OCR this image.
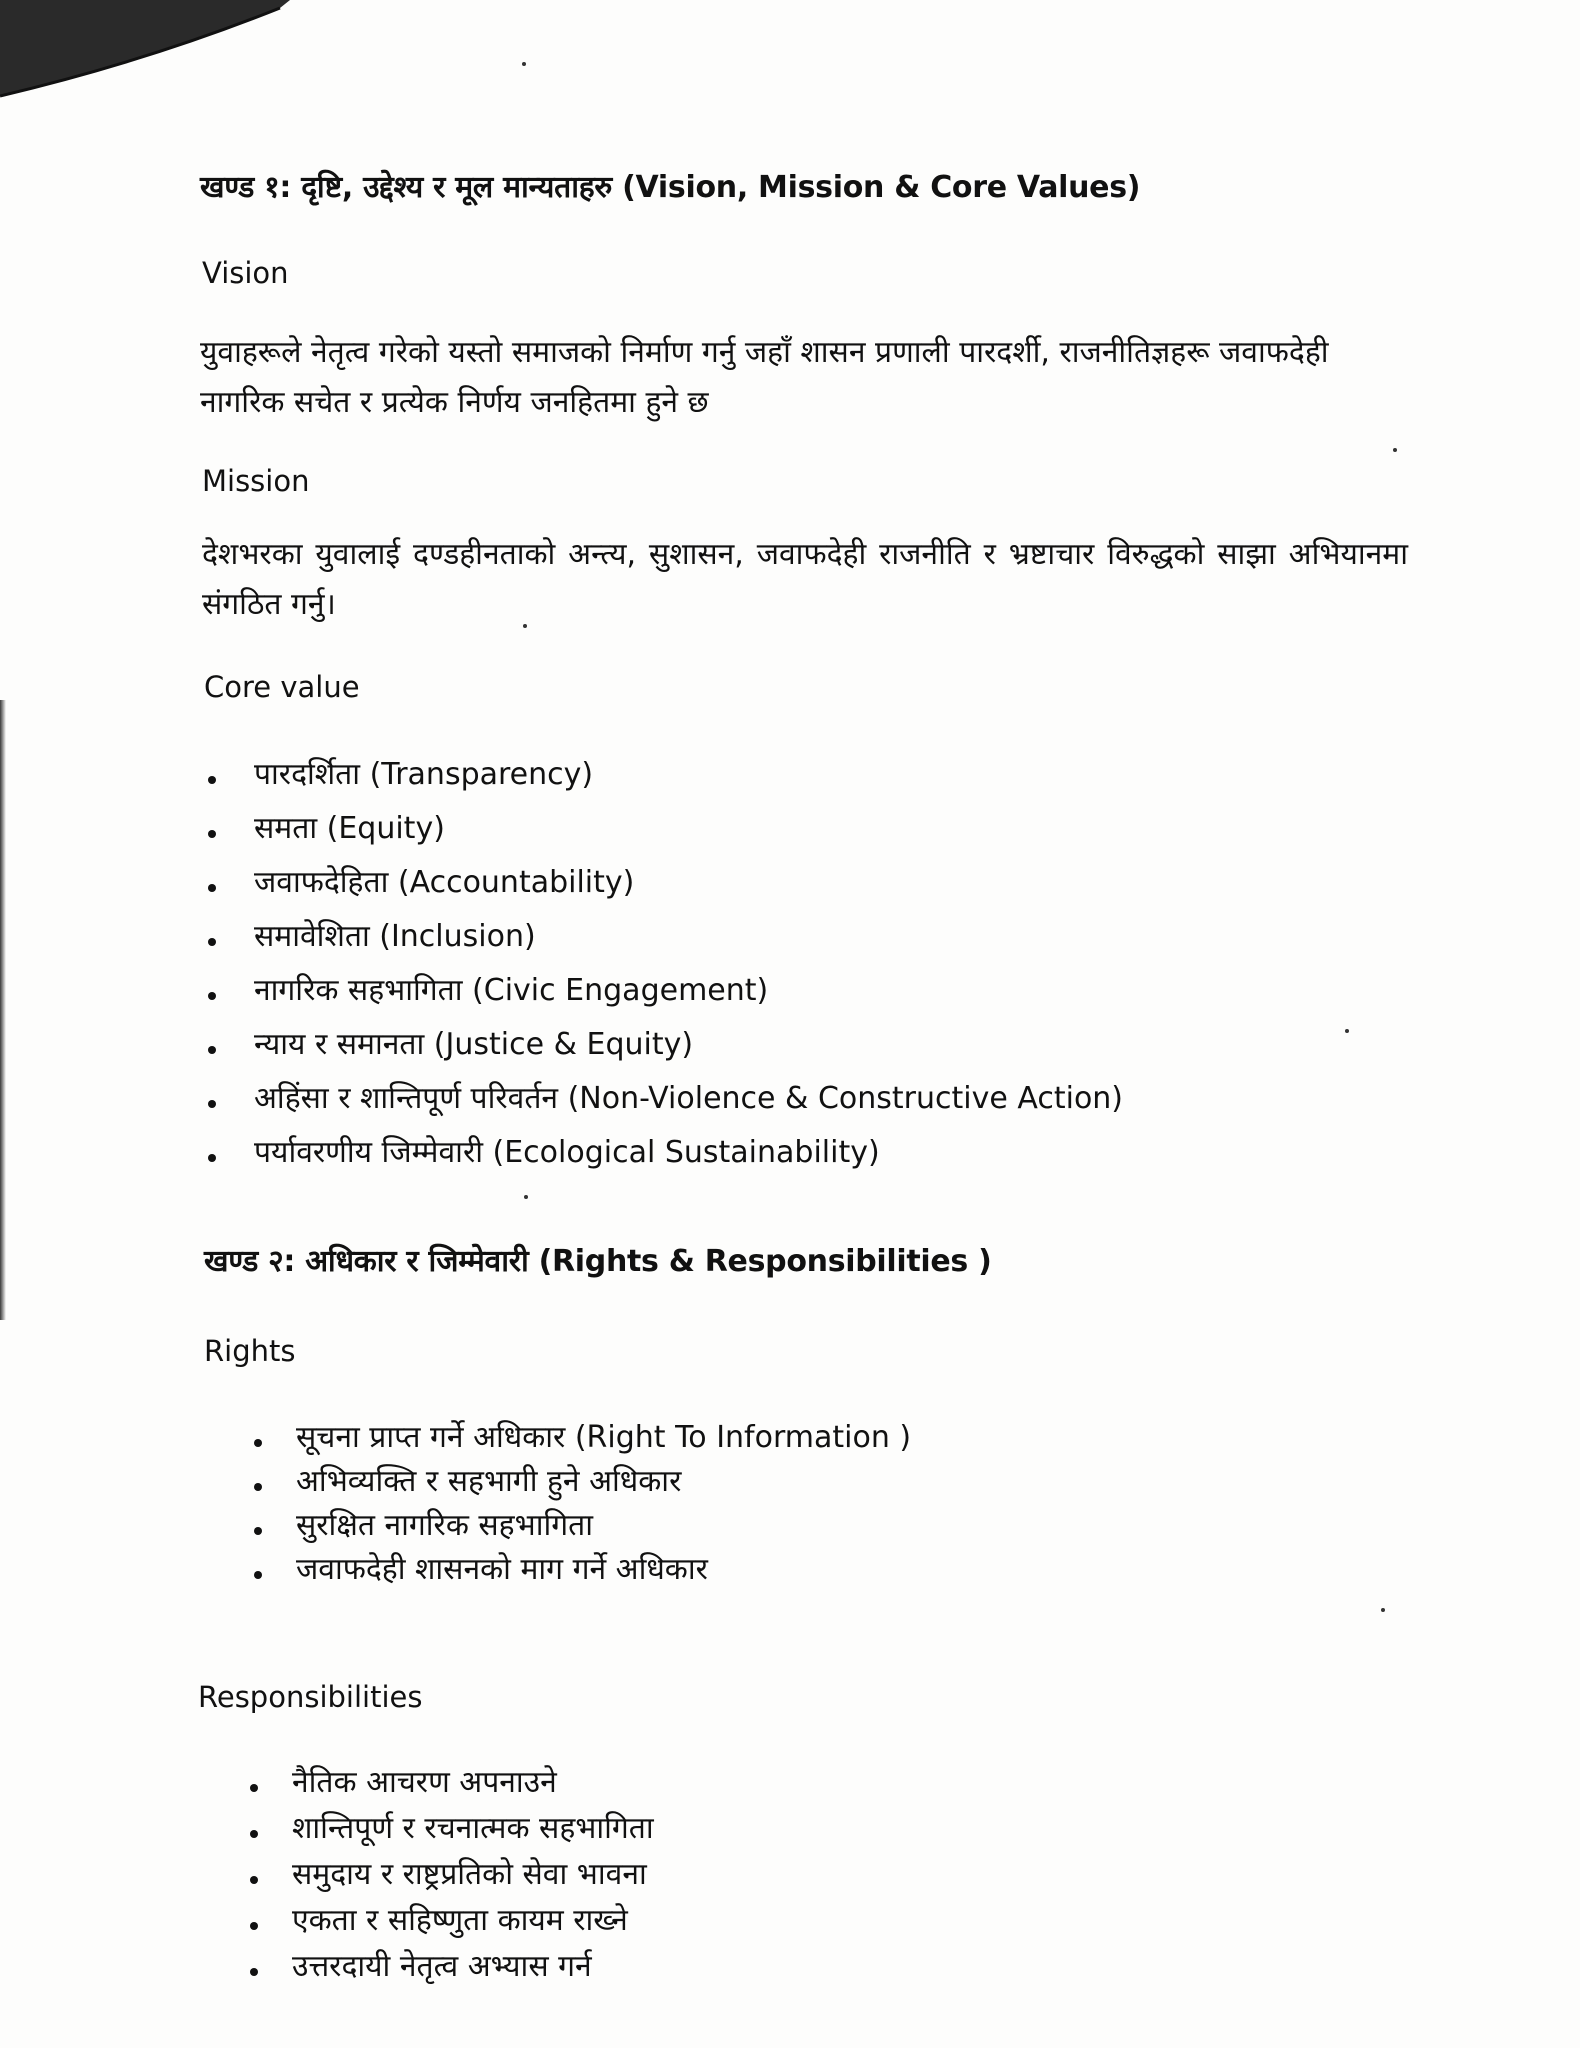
खण्ड १: दृष्टि, उद्देश्य र मूल मान्यताहरु (Vision, Mission & Core Values)
Vision
युवाहरूले नेतृत्व गरेको यस्तो समाजको निर्माण गर्नु जहाँ शासन प्रणाली पारदर्शी, राजनीतिज्ञहरू जवाफदेही नागरिक सचेत र प्रत्येक निर्णय जनहितमा हुने छ
Mission
देशभरका युवालाई दण्डहीनताको अन्त्य, सुशासन, जवाफदेही राजनीति र भ्रष्टाचार विरुद्धको साझा अभियानमा संगठित गर्नु।
Core value
पारदर्शिता (Transparency)
समता (Equity)
जवाफदेहिता (Accountability)
समावेशिता (Inclusion)
नागरिक सहभागिता (Civic Engagement)
न्याय र समानता (Justice & Equity)
अहिंसा र शान्तिपूर्ण परिवर्तन (Non-Violence & Constructive Action)
पर्यावरणीय जिम्मेवारी (Ecological Sustainability)
खण्ड २: अधिकार र जिम्मेवारी (Rights & Responsibilities )
Rights
सूचना प्राप्त गर्ने अधिकार (Right To Information )
अभिव्यक्ति र सहभागी हुने अधिकार
सुरक्षित नागरिक सहभागिता
जवाफदेही शासनको माग गर्ने अधिकार
Responsibilities
नैतिक आचरण अपनाउने
शान्तिपूर्ण र रचनात्मक सहभागिता
समुदाय र राष्ट्रप्रतिको सेवा भावना
एकता र सहिष्णुता कायम राख्ने
उत्तरदायी नेतृत्व अभ्यास गर्न
